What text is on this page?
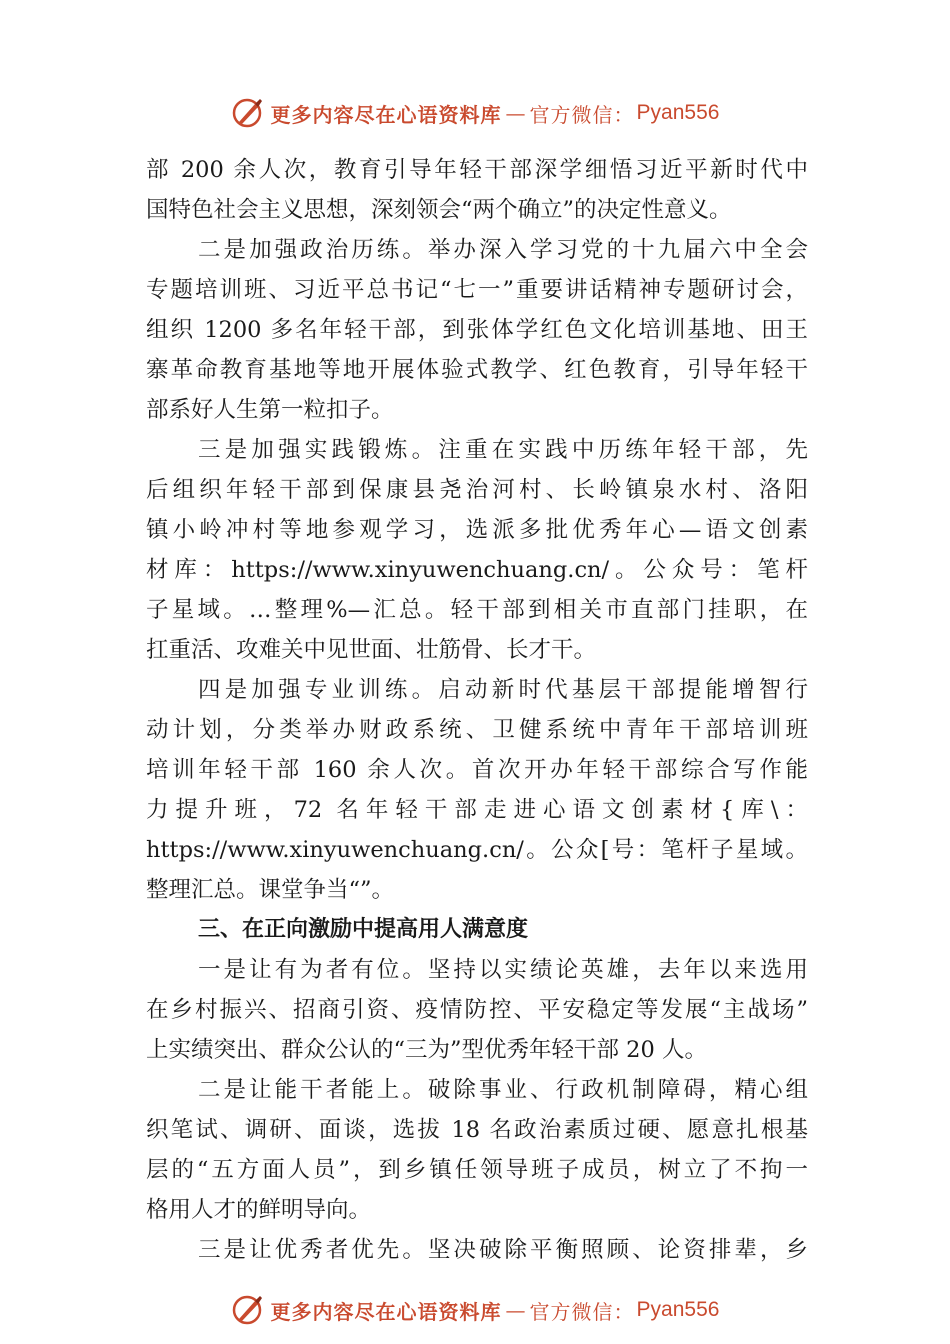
更多内容尽在心语资料库 — 官方微信： Pyan556
部 200 余人次，教育引导年轻干部深学细悟习近平新时代中
国特色社会主义思想，深刻领会“两个确立”的决定性意义。
二是加强政治历练。举办深入学习党的十九届六中全会
专题培训班、习近平总书记“七一”重要讲话精神专题研讨会，
组织 1200 多名年轻干部，到张体学红色文化培训基地、田王
寨革命教育基地等地开展体验式教学、红色教育，引导年轻干
部系好人生第一粒扣子。
三是加强实践锻炼。注重在实践中历练年轻干部，先
后组织年轻干部到保康县尧治河村、长岭镇泉水村、洛阳
镇小岭冲村等地参观学习，选派多批优秀年心—语文创素
材库：https://www.xinyuwenchuang.cn/。公众号：笔杆
子星域。…整理%—汇总。轻干部到相关市直部门挂职，在
扛重活、攻难关中见世面、壮筋骨、长才干。
四是加强专业训练。启动新时代基层干部提能增智行
动计划，分类举办财政系统、卫健系统中青年干部培训班
培训年轻干部 160 余人次。首次开办年轻干部综合写作能
力提升班，72 名年轻干部走进心语文创素材{库\：
https://www.xinyuwenchuang.cn/。公众[号：笔杆子星域。
整理汇总。课堂争当“”。
三、在正向激励中提高用人满意度
一是让有为者有位。坚持以实绩论英雄，去年以来选用
在乡村振兴、招商引资、疫情防控、平安稳定等发展“主战场”
上实绩突出、群众公认的“三为”型优秀年轻干部 20 人。
二是让能干者能上。破除事业、行政机制障碍，精心组
织笔试、调研、面谈，选拔 18 名政治素质过硬、愿意扎根基
层的“五方面人员”，到乡镇任领导班子成员，树立了不拘一
格用人才的鲜明导向。
三是让优秀者优先。坚决破除平衡照顾、论资排辈，乡
更多内容尽在心语资料库 — 官方微信： Pyan556
